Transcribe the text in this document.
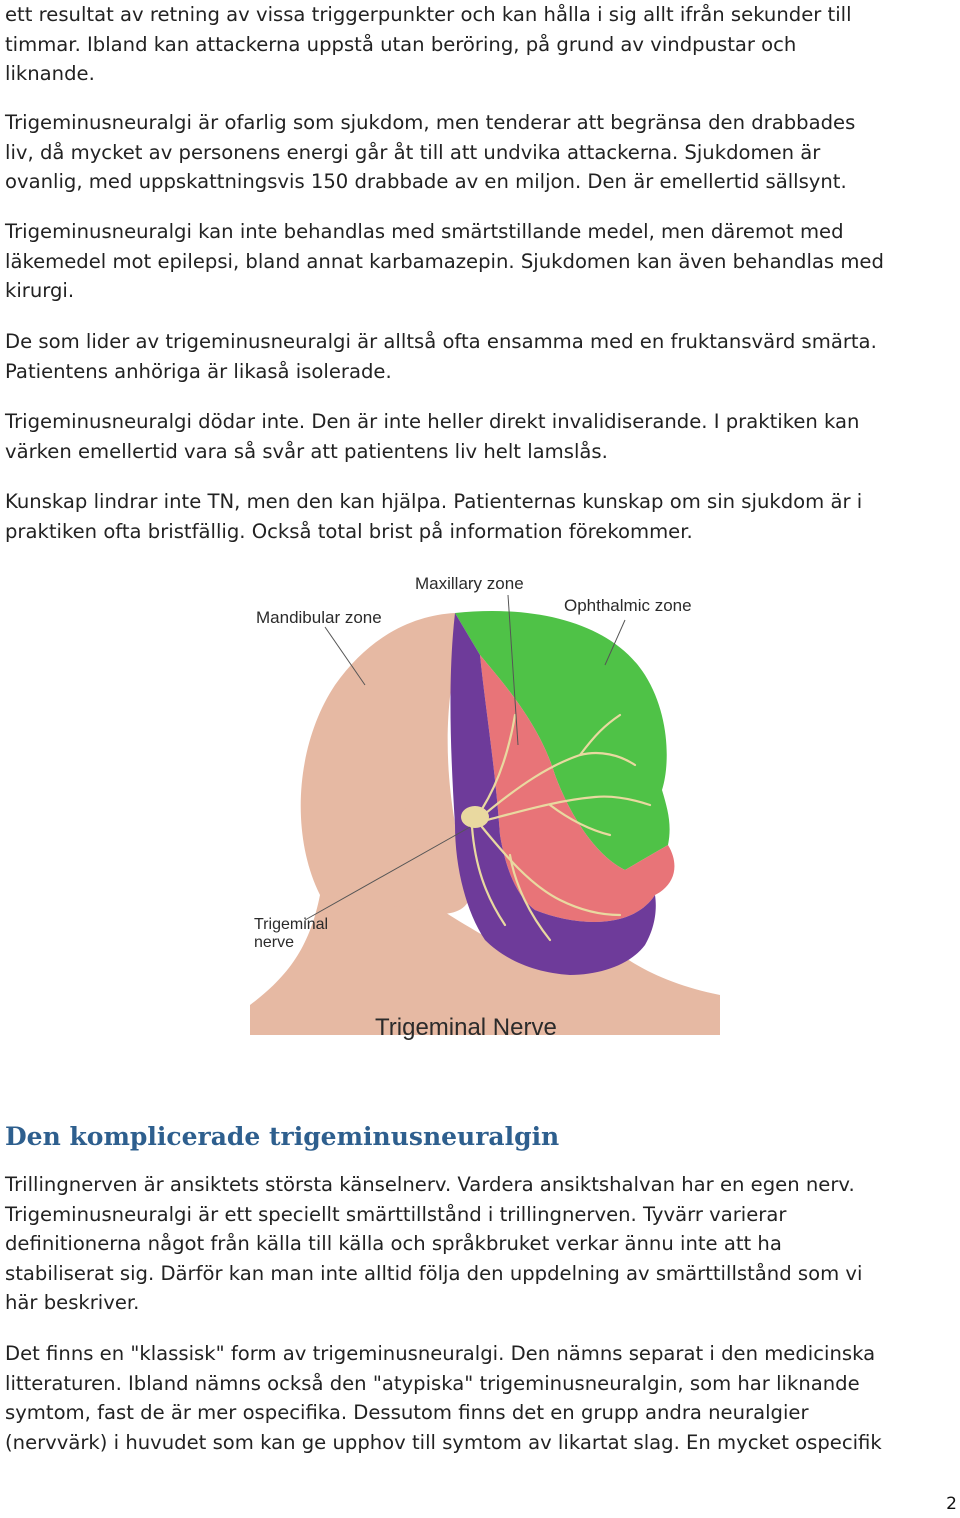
ett resultat av retning av vissa triggerpunkter och kan hålla i sig allt ifrån sekunder till
timmar. Ibland kan attackerna uppstå utan beröring, på grund av vindpustar och
liknande.

Trigeminusneuralgi är ofarlig som sjukdom, men tenderar att begränsa den drabbades
liv, då mycket av personens energi går åt till att undvika attackerna. Sjukdomen är
ovanlig, med uppskattningsvis 150 drabbade av en miljon. Den är emellertid sällsynt.

Trigeminusneuralgi kan inte behandlas med smärtstillande medel, men däremot med
läkemedel mot epilepsi, bland annat karbamazepin. Sjukdomen kan även behandlas med
kirurgi.

De som lider av trigeminusneuralgi är alltså ofta ensamma med en fruktansvärd smärta.
Patientens anhöriga är likaså isolerade.

Trigeminusneuralgi dödar inte. Den är inte heller direkt invalidiserande. I praktiken kan
värken emellertid vara så svår att patientens liv helt lamslås.

Kunskap lindrar inte TN, men den kan hjälpa. Patienternas kunskap om sin sjukdom är i
praktiken ofta bristfällig. Också total brist på information förekommer.

Maxillary zone
Ophthalmic zone
Mandibular zone
Trigeminal
nerve
Trigeminal Nerve
Den komplicerade trigeminusneuralgin

Trillingnerven är ansiktets största känselnerv. Vardera ansiktshalvan har en egen nerv.
Trigeminusneuralgi är ett speciellt smärttillstånd i trillingnerven. Tyvärr varierar
definitionerna något från källa till källa och språkbruket verkar ännu inte att ha
stabiliserat sig. Därför kan man inte alltid följa den uppdelning av smärttillstånd som vi
här beskriver.

Det finns en "klassisk" form av trigeminusneuralgi. Den nämns separat i den medicinska
litteraturen. Ibland nämns också den "atypiska" trigeminusneuralgin, som har liknande
symtom, fast de är mer ospecifika. Dessutom finns det en grupp andra neuralgier
(nervvärk) i huvudet som kan ge upphov till symtom av likartat slag. En mycket ospecifik

2
